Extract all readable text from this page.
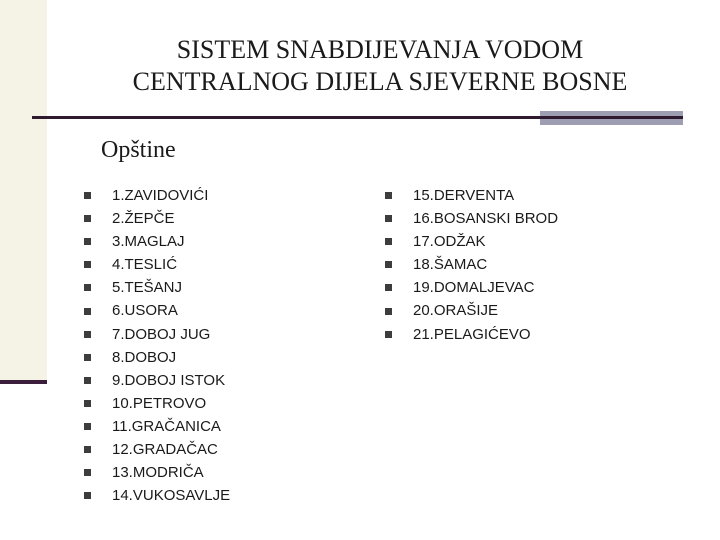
SISTEM SNABDIJEVANJA VODOM
CENTRALNOG DIJELA SJEVERNE BOSNE
Opštine
1.ZAVIDOVIĆI
2.ŽEPČE
3.MAGLAJ
4.TESLIĆ
5.TEŠANJ
6.USORA
7.DOBOJ JUG
8.DOBOJ
9.DOBOJ ISTOK
10.PETROVO
11.GRAČANICA
12.GRADAČAC
13.MODRIČA
14.VUKOSAVLJE
15.DERVENTA
16.BOSANSKI BROD
17.ODŽAK
18.ŠAMAC
19.DOMALJEVAC
20.ORAŠIJE
21.PELAGIĆEVO
